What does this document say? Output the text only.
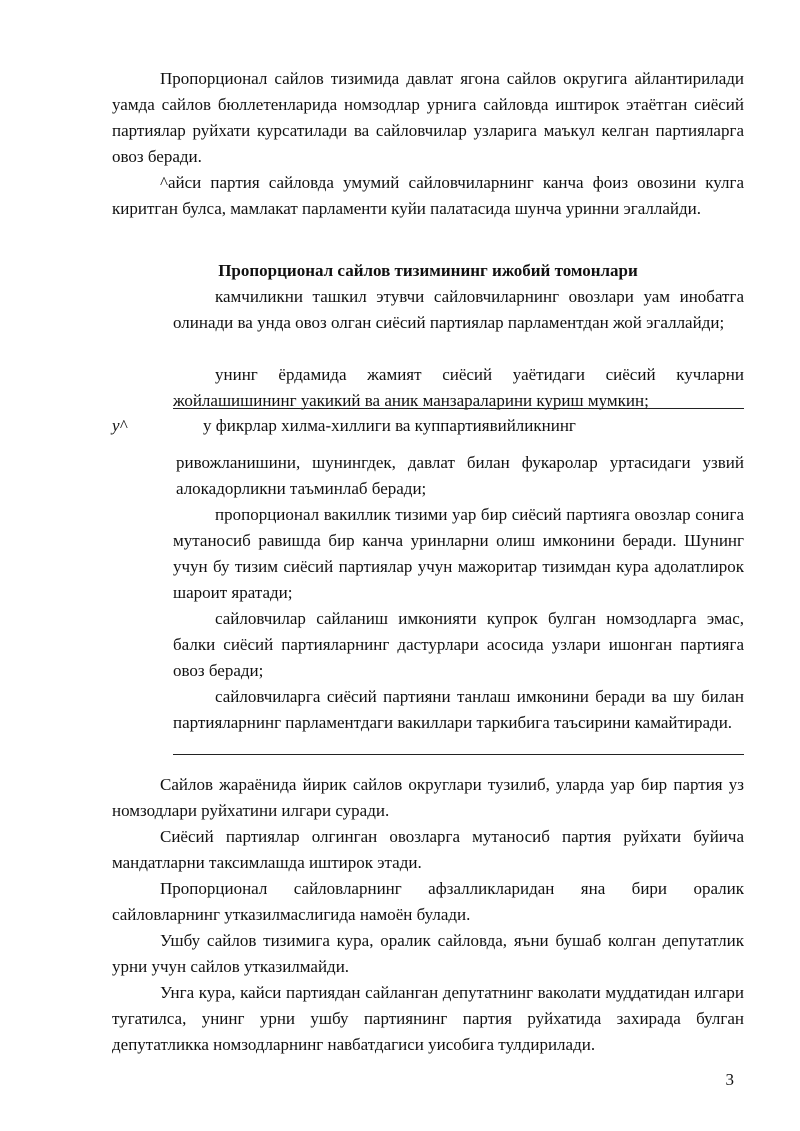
Пропорционал сайлов тизимида давлат ягона сайлов округига айлантирилади уамда сайлов бюллетенларида номзодлар урнига сайловда иштирок этаётган сиёсий партиялар руйхати курсатилади ва сайловчилар узларига маъкул келган партияларга овоз беради.

^айси партия сайловда умумий сайловчиларнинг канча фоиз овозини кулга киритган булса, мамлакат парламенти куйи палатасида шунча уринни эгаллайди.

Пропорционал сайлов тизимининг ижобий томонлари

камчиликни ташкил этувчи сайловчиларнинг овозлари уам инобатга олинади ва унда овоз олган сиёсий партиялар парламентдан жой эгаллайди;

унинг ёрдамида жамият сиёсий уаётидаги сиёсий кучларни жойлашишининг уакикий ва аник манзараларини куриш мумкин;

у^	у фикрлар хилма-хиллиги ва куппартиявийликнинг

ривожланишини, шунингдек, давлат билан фукаролар уртасидаги узвий алокадорликни таъминлаб беради;

пропорционал вакиллик тизими уар бир сиёсий партияга овозлар сонига мутаносиб равишда бир канча уринларни олиш имконини беради. Шунинг учун бу тизим сиёсий партиялар учун мажоритар тизимдан кура адолатлирок шароит яратади;

сайловчилар сайланиш имконияти купрок булган номзодларга эмас, балки сиёсий партияларнинг дастурлари асосида узлари ишонган партияга овоз беради;

сайловчиларга сиёсий партияни танлаш имконини беради ва шу билан партияларнинг парламентдаги вакиллари таркибига таъсирини камайтиради.

Сайлов жараёнида йирик сайлов округлари тузилиб, уларда уар бир партия уз номзодлари руйхатини илгари суради.

Сиёсий партиялар олгинган овозларга мутаносиб партия руйхати буйича мандатларни таксимлашда иштирок этади.

Пропорционал сайловларнинг афзалликларидан яна бири оралик сайловларнинг утказилмаслигида намоён булади.

Ушбу сайлов тизимига кура, оралик сайловда, яъни бушаб колган депутатлик урни учун сайлов утказилмайди.

Унга кура, кайси партиядан сайланган депутатнинг ваколати муддатидан илгари тугатилса, унинг урни ушбу партиянинг партия руйхатида захирада булган депутатликка номзодларнинг навбатдагиси уисобига тулдирилади.

3
